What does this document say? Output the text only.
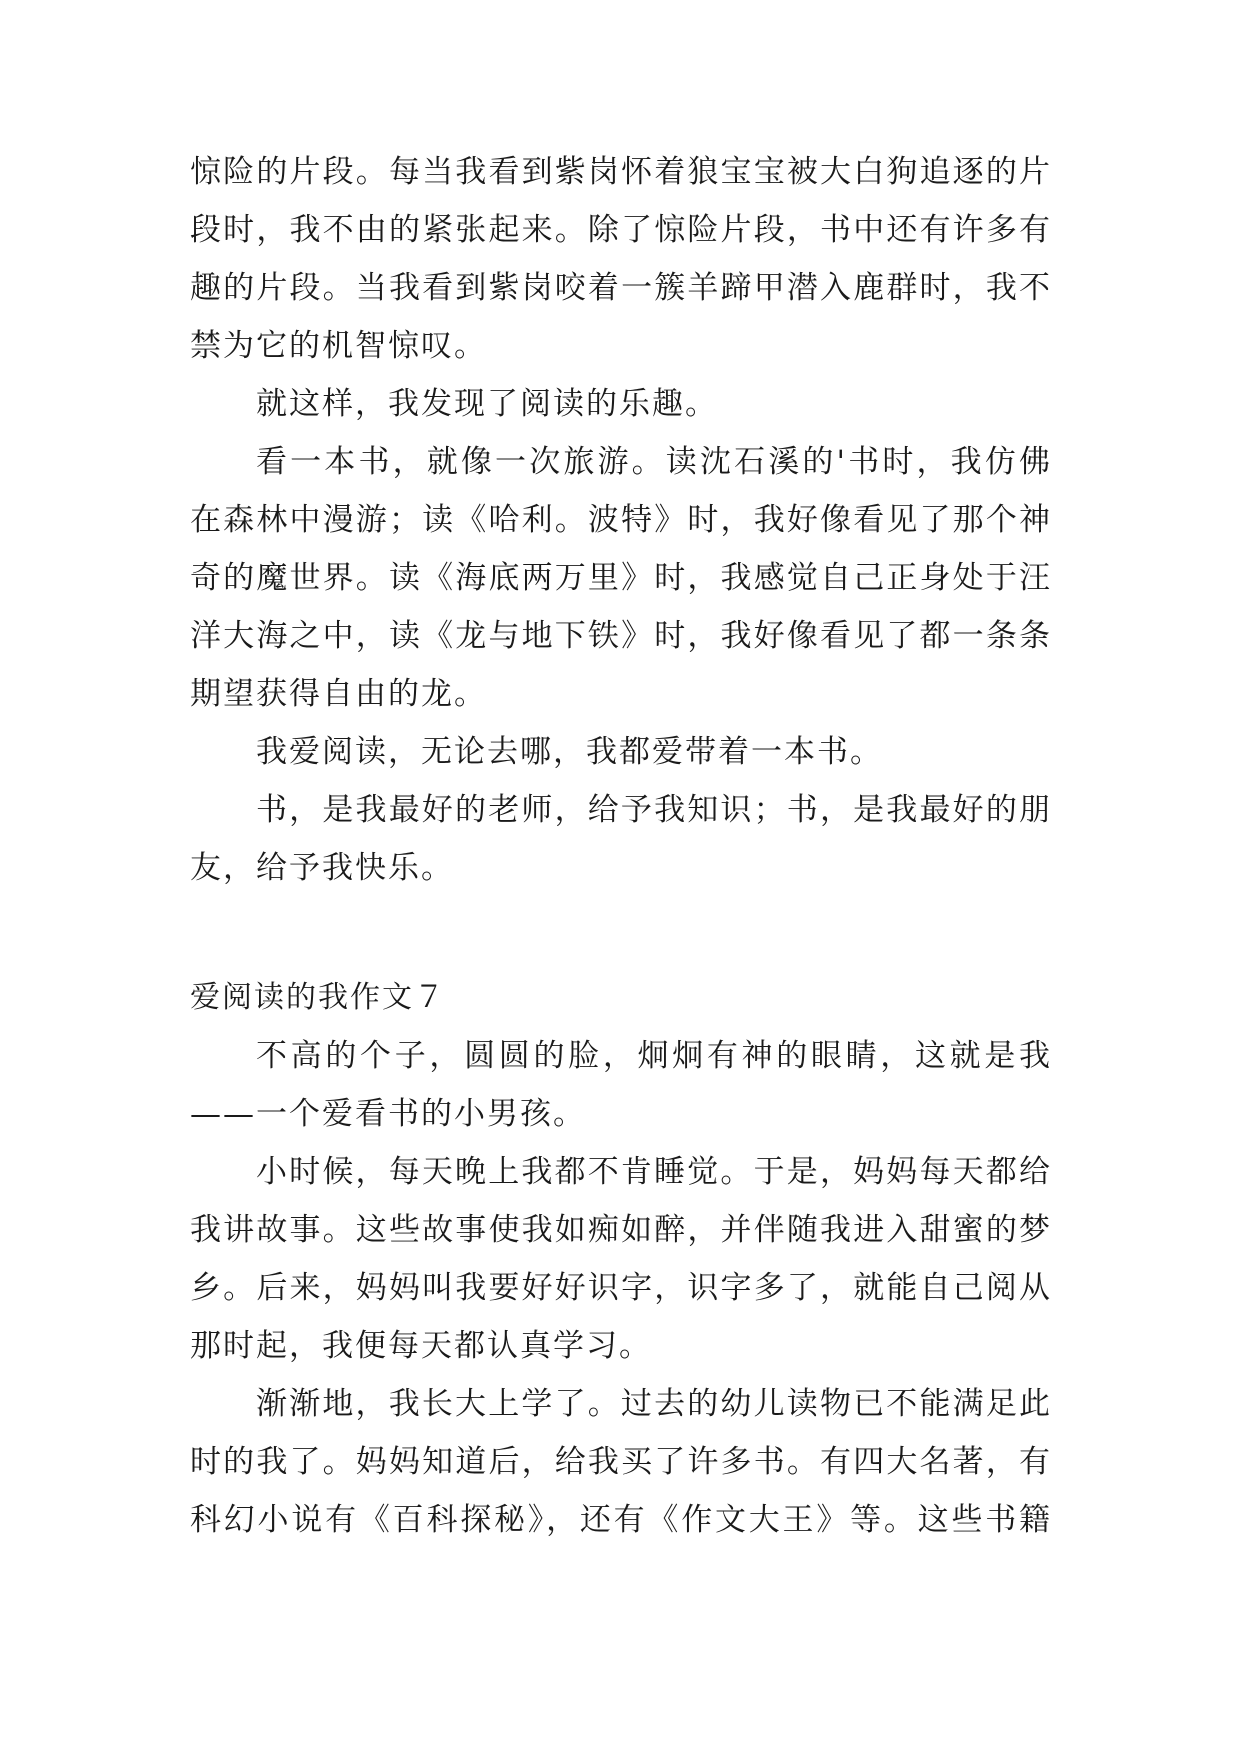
惊险的片段。每当我看到紫岗怀着狼宝宝被大白狗追逐的片
段时，我不由的紧张起来。除了惊险片段，书中还有许多有
趣的片段。当我看到紫岗咬着一簇羊蹄甲潜入鹿群时，我不
禁为它的机智惊叹。
就这样，我发现了阅读的乐趣。
看一本书，就像一次旅游。读沈石溪的'书时，我仿佛
在森林中漫游；读《哈利。波特》时，我好像看见了那个神
奇的魔世界。读《海底两万里》时，我感觉自己正身处于汪
洋大海之中，读《龙与地下铁》时，我好像看见了都一条条
期望获得自由的龙。
我爱阅读，无论去哪，我都爱带着一本书。
书，是我最好的老师，给予我知识；书，是我最好的朋
友，给予我快乐。
爱阅读的我作文７
不高的个子，圆圆的脸，炯炯有神的眼睛，这就是我
——一个爱看书的小男孩。
小时候，每天晚上我都不肯睡觉。于是，妈妈每天都给
我讲故事。这些故事使我如痴如醉，并伴随我进入甜蜜的梦
乡。后来，妈妈叫我要好好识字，识字多了，就能自己阅从
那时起，我便每天都认真学习。
渐渐地，我长大上学了。过去的幼儿读物已不能满足此
时的我了。妈妈知道后，给我买了许多书。有四大名著，有
科幻小说有《百科探秘》，还有《作文大王》等。这些书籍
